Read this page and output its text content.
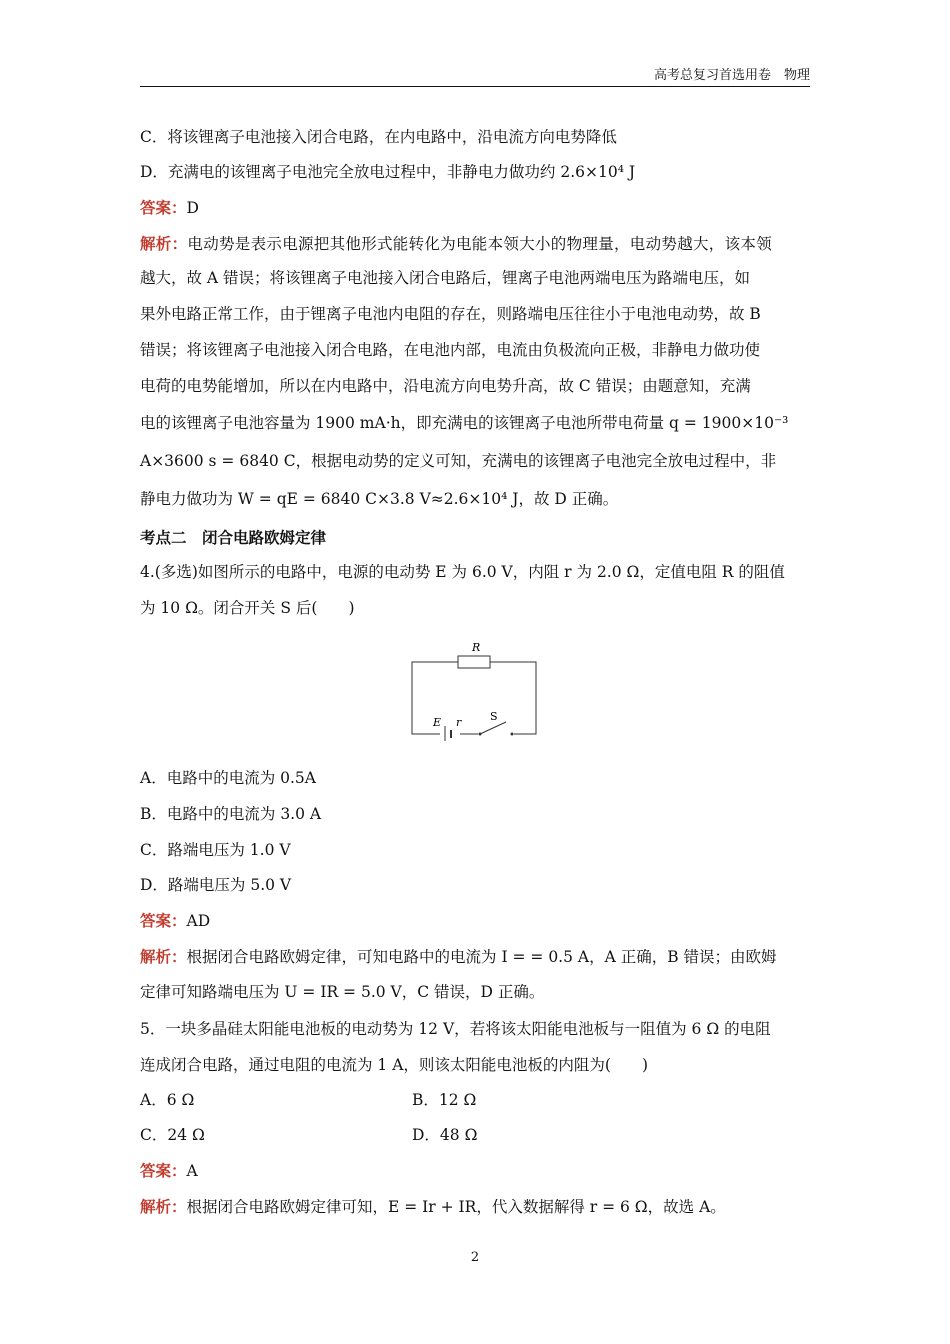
高考总复习首选用卷　物理
C．将该锂离子电池接入闭合电路，在内电路中，沿电流方向电势降低
D．充满电的该锂离子电池完全放电过程中，非静电力做功约 2.6×10⁴ J
答案：D
解析：电动势是表示电源把其他形式能转化为电能本领大小的物理量，电动势越大，该本领
越大，故 A 错误；将该锂离子电池接入闭合电路后，锂离子电池两端电压为路端电压，如
果外电路正常工作，由于锂离子电池内电阻的存在，则路端电压往往小于电池电动势，故 B
错误；将该锂离子电池接入闭合电路，在电池内部，电流由负极流向正极，非静电力做功使
电荷的电势能增加，所以在内电路中，沿电流方向电势升高，故 C 错误；由题意知，充满
电的该锂离子电池容量为 1900 mA·h，即充满电的该锂离子电池所带电荷量 q = 1900×10⁻³
A×3600 s = 6840 C，根据电动势的定义可知，充满电的该锂离子电池完全放电过程中，非
静电力做功为 W = qE = 6840 C×3.8 V≈2.6×10⁴ J，故 D 正确。
考点二　闭合电路欧姆定律
4.(多选)如图所示的电路中，电源的电动势 E 为 6.0 V，内阻 r 为 2.0 Ω，定值电阻 R 的阻值
为 10 Ω。闭合开关 S 后(　　)
R
E r	S
A．电路中的电流为 0.5A
B．电路中的电流为 3.0 A
C．路端电压为 1.0 V
D．路端电压为 5.0 V
答案：AD
解析：根据闭合电路欧姆定律，可知电路中的电流为 I = = 0.5 A，A 正确，B 错误；由欧姆
定律可知路端电压为 U = IR = 5.0 V，C 错误，D 正确。
5．一块多晶硅太阳能电池板的电动势为 12 V，若将该太阳能电池板与一阻值为 6 Ω 的电阻
连成闭合电路，通过电阻的电流为 1 A，则该太阳能电池板的内阻为(　　)
A．6 Ω	B．12 Ω
C．24 Ω	D．48 Ω
答案：A
解析：根据闭合电路欧姆定律可知，E = Ir + IR，代入数据解得 r = 6 Ω，故选 A。
2
